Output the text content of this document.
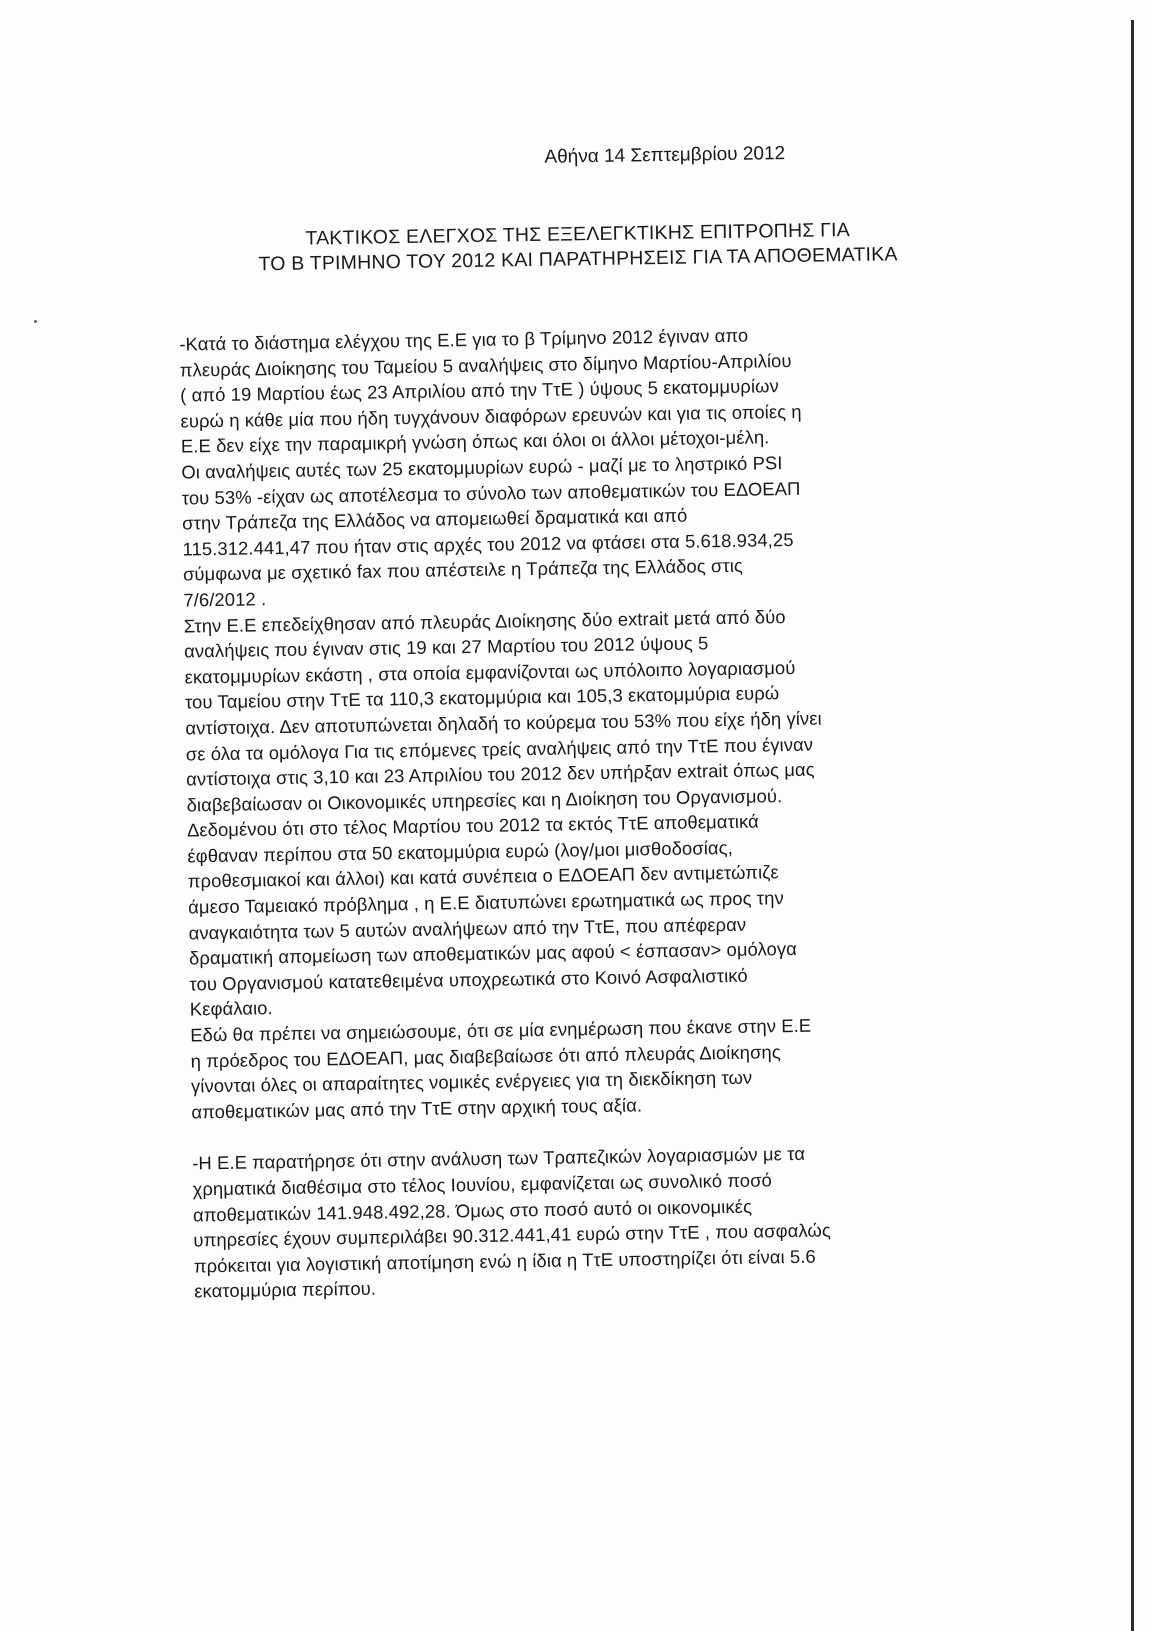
Αθήνα 14 Σεπτεμβρίου 2012
ΤΑΚΤΙΚΟΣ ΕΛΕΓΧΟΣ ΤΗΣ ΕΞΕΛΕΓΚΤΙΚΗΣ ΕΠΙΤΡΟΠΗΣ ΓΙΑ
ΤΟ Β ΤΡΙΜΗΝΟ ΤΟΥ 2012 ΚΑΙ ΠΑΡΑΤΗΡΗΣΕΙΣ ΓΙΑ ΤΑ ΑΠΟΘΕΜΑΤΙΚΑ
-Κατά το διάστημα ελέγχου της Ε.Ε για το β Τρίμηνο 2012 έγιναν απο
πλευράς Διοίκησης του Ταμείου 5 αναλήψεις στο δίμηνο Μαρτίου-Απριλίου
( από 19 Μαρτίου έως 23 Απριλίου από την ΤτΕ ) ύψους 5 εκατομμυρίων
ευρώ η κάθε μία που ήδη τυγχάνουν διαφόρων ερευνών και για τις οποίες η
Ε.Ε δεν είχε την παραμικρή γνώση όπως και όλοι οι άλλοι μέτοχοι-μέλη.
Οι αναλήψεις αυτές των 25 εκατομμυρίων ευρώ - μαζί με το ληστρικό PSI
του 53% -είχαν ως αποτέλεσμα το σύνολο των αποθεματικών του ΕΔΟΕΑΠ
στην Τράπεζα της Ελλάδος να απομειωθεί δραματικά και από
115.312.441,47 που ήταν στις αρχές του 2012 να φτάσει στα 5.618.934,25
σύμφωνα με σχετικό fax που απέστειλε η Τράπεζα της Ελλάδος στις
7/6/2012 .
Στην Ε.Ε επεδείχθησαν από πλευράς Διοίκησης δύο extrait μετά από δύο
αναλήψεις που έγιναν στις 19 και 27 Μαρτίου του 2012 ύψους 5
εκατομμυρίων εκάστη , στα οποία εμφανίζονται ως υπόλοιπο λογαριασμού
του Ταμείου στην ΤτΕ τα 110,3 εκατομμύρια και 105,3 εκατομμύρια ευρώ
αντίστοιχα. Δεν αποτυπώνεται δηλαδή το κούρεμα του 53% που είχε ήδη γίνει
σε όλα τα ομόλογα Για τις επόμενες τρείς αναλήψεις από την ΤτΕ που έγιναν
αντίστοιχα στις 3,10 και 23 Απριλίου του 2012 δεν υπήρξαν extrait όπως μας
διαβεβαίωσαν οι Οικονομικές υπηρεσίες και η Διοίκηση του Οργανισμού.
Δεδομένου ότι στο τέλος Μαρτίου του 2012 τα εκτός ΤτΕ αποθεματικά
έφθαναν περίπου στα 50 εκατομμύρια ευρώ (λογ/μοι μισθοδοσίας,
προθεσμιακοί και άλλοι) και κατά συνέπεια ο ΕΔΟΕΑΠ δεν αντιμετώπιζε
άμεσο Ταμειακό πρόβλημα , η Ε.Ε διατυπώνει ερωτηματικά ως προς την
αναγκαιότητα των 5 αυτών αναλήψεων από την ΤτΕ, που απέφεραν
δραματική απομείωση των αποθεματικών μας αφού < έσπασαν> ομόλογα
του Οργανισμού κατατεθειμένα υποχρεωτικά στο Κοινό Ασφαλιστικό
Κεφάλαιο.
Εδώ θα πρέπει να σημειώσουμε, ότι σε μία ενημέρωση που έκανε στην Ε.Ε
η πρόεδρος του ΕΔΟΕΑΠ, μας διαβεβαίωσε ότι από πλευράς Διοίκησης
γίνονται όλες οι απαραίτητες νομικές ενέργειες για τη διεκδίκηση των
αποθεματικών μας από την ΤτΕ στην αρχική τους αξία.
-Η Ε.Ε παρατήρησε ότι στην ανάλυση των Τραπεζικών λογαριασμών με τα
χρηματικά διαθέσιμα στο τέλος Ιουνίου, εμφανίζεται ως συνολικό ποσό
αποθεματικών 141.948.492,28. Όμως στο ποσό αυτό οι οικονομικές
υπηρεσίες έχουν συμπεριλάβει 90.312.441,41 ευρώ στην ΤτΕ , που ασφαλώς
πρόκειται για λογιστική αποτίμηση ενώ η ίδια η ΤτΕ υποστηρίζει ότι είναι 5.6
εκατομμύρια περίπου.
